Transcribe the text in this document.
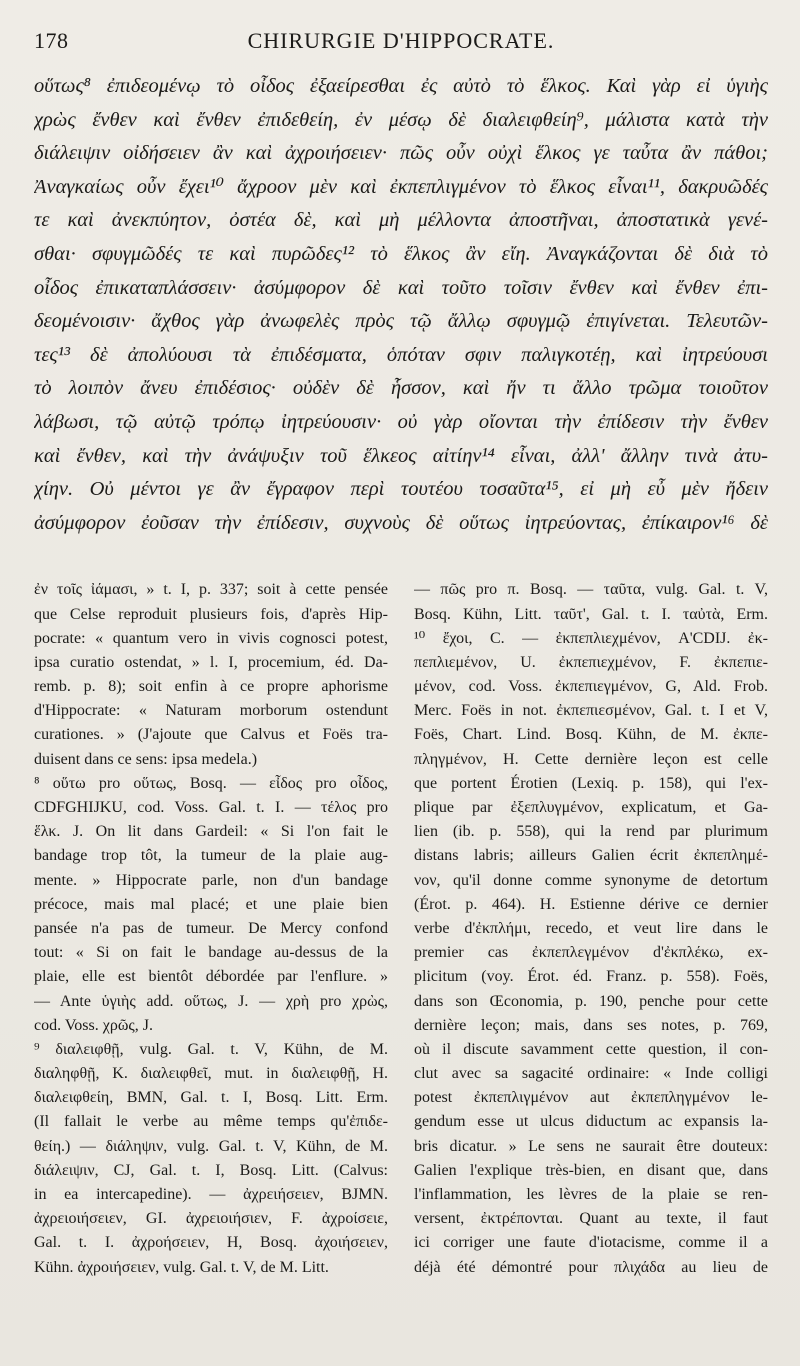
178	CHIRURGIE D'HIPPOCRATE.
οὕτως⁸ ἐπιδεομένῳ τὸ οἶδος ἐξαείρεσθαι ἐς αὐτὸ τὸ ἕλκος. Καὶ γὰρ εἰ ὑγιὴς
χρὼς ἔνθεν καὶ ἔνθεν ἐπιδεθείη, ἐν μέσῳ δὲ διαλειφθείη⁹, μάλιστα κατὰ τὴν
διάλειψιν οἰδήσειεν ἂν καὶ ἀχροιήσειεν· πῶς οὖν οὐχὶ ἕλκος γε ταὖτα ἂν πάθοι;
Ἀναγκαίως οὖν ἔχει¹⁰ ἄχροον μὲν καὶ ἐκπεπλιγμένον τὸ ἕλκος εἶναι¹¹, δακρυῶδές
τε καὶ ἀνεκπύητον, ὀστέα δὲ, καὶ μὴ μέλλοντα ἀποστῆναι, ἀποστατικὰ γενέ-
σθαι· σφυγμῶδές τε καὶ πυρῶδες¹² τὸ ἕλκος ἂν εἴη. Ἀναγκάζονται δὲ διὰ τὸ
οἶδος ἐπικαταπλάσσειν· ἀσύμφορον δὲ καὶ τοῦτο τοῖσιν ἔνθεν καὶ ἔνθεν ἐπι-
δεομένοισιν· ἄχθος γὰρ ἀνωφελὲς πρὸς τῷ ἄλλῳ σφυγμῷ ἐπιγίνεται. Τελευτῶν-
τες¹³ δὲ ἀπολύουσι τὰ ἐπιδέσματα, ὁπόταν σφιν παλιγκοτέῃ, καὶ ἰητρεύουσι
τὸ λοιπὸν ἄνευ ἐπιδέσιος· οὐδὲν δὲ ἧσσον, καὶ ἤν τι ἄλλο τρῶμα τοιοῦτον
λάβωσι, τῷ αὐτῷ τρόπῳ ἰητρεύουσιν· οὐ γὰρ οἴονται τὴν ἐπίδεσιν τὴν ἔνθεν
καὶ ἔνθεν, καὶ τὴν ἀνάψυξιν τοῦ ἕλκεος αἰτίην¹⁴ εἶναι, ἀλλ' ἄλλην τινὰ ἀτυ-
χίην. Οὐ μέντοι γε ἂν ἔγραφον περὶ τουτέου τοσαῦτα¹⁵, εἰ μὴ εὖ μὲν ἤδειν
ἀσύμφορον ἐοῦσαν τὴν ἐπίδεσιν, συχνοὺς δὲ οὕτως ἰητρεύοντας, ἐπίκαιρον¹⁶ δὲ
ἐν τοῖς ἰάμασι, » t. I, p. 337; soit à cette pensée
que Celse reproduit plusieurs fois, d'après Hip-
pocrate: « quantum vero in vivis cognosci potest,
ipsa curatio ostendat, » l. I, procemium, éd. Da-
remb. p. 8); soit enfin à ce propre aphorisme
d'Hippocrate: « Naturam morborum ostendunt
curationes. » (J'ajoute que Calvus et Foës tra-
duisent dans ce sens: ipsa medela.)
⁸ οὕτω pro οὕτως, Bosq. — εἶδος pro οἶδος,
CDFGHIJKU, cod. Voss. Gal. t. I. — τέλος pro
ἕλκ. J. On lit dans Gardeil: « Si l'on fait le
bandage trop tôt, la tumeur de la plaie aug-
mente. » Hippocrate parle, non d'un bandage
précoce, mais mal placé; et une plaie bien
pansée n'a pas de tumeur. De Mercy confond
tout: « Si on fait le bandage au-dessus de la
plaie, elle est bientôt débordée par l'enflure. »
— Ante ὑγιὴς add. οὕτως, J. — χρὴ pro χρὼς,
cod. Voss. χρῶς, J.
⁹ διαλειφθῇ, vulg. Gal. t. V, Kühn, de M.
διαληφθῇ, K. διαλειφθεῖ, mut. in διαλειφθῇ, H.
διαλειφθείη, BMN, Gal. t. I, Bosq. Litt. Erm.
(Il fallait le verbe au même temps qu'ἐπιδε-
θείη.) — διάληψιν, vulg. Gal. t. V, Kühn, de M.
διάλειψιν, CJ, Gal. t. I, Bosq. Litt. (Calvus:
in ea intercapedine). — ἀχρειήσειεν, BJMN.
ἀχρειοιήσειεν, GI. ἀχρειοιήσιεν, F. ἀχροίσειε,
Gal. t. I. ἀχροήσειεν, H, Bosq. ἀχοιήσειεν,
Kühn. ἀχροιήσειεν, vulg. Gal. t. V, de M. Litt.
— πῶς pro π. Bosq. — ταῦτα, vulg. Gal. t. V,
Bosq. Kühn, Litt. ταῦτ', Gal. t. I. ταὐτὰ, Erm.
¹⁰ ἔχοι, C. — ἐκπεπλιεχμένον, A'CDIJ. ἐκ-
πεπλιεμένον, U. ἐκπεπιεχμένον, F. ἐκπεπιε-
μένον, cod. Voss. ἐκπεπιεγμένον, G, Ald. Frob.
Merc. Foës in not. ἐκπεπιεσμένον, Gal. t. I et V,
Foës, Chart. Lind. Bosq. Kühn, de M. ἐκπε-
πληγμένον, H. Cette dernière leçon est celle
que portent Érotien (Lexiq. p. 158), qui l'ex-
plique par ἐξεπλυγμένον, explicatum, et Ga-
lien (ib. p. 558), qui la rend par plurimum
distans labris; ailleurs Galien écrit ἐκπεπλημέ-
νον, qu'il donne comme synonyme de detortum
(Érot. p. 464). H. Estienne dérive ce dernier
verbe d'ἐκπλήμι, recedo, et veut lire dans le
premier cas ἐκπεπλεγμένον d'ἐκπλέκω, ex-
plicitum (voy. Érot. éd. Franz. p. 558). Foës,
dans son Œconomia, p. 190, penche pour cette
dernière leçon; mais, dans ses notes, p. 769,
où il discute savamment cette question, il con-
clut avec sa sagacité ordinaire: « Inde colligi
potest ἐκπεπλιγμένον aut ἐκπεπληγμένον le-
gendum esse ut ulcus diductum ac expansis la-
bris dicatur. » Le sens ne saurait être douteux:
Galien l'explique très-bien, en disant que, dans
l'inflammation, les lèvres de la plaie se ren-
versent, ἐκτρέπονται. Quant au texte, il faut
ici corriger une faute d'iotacisme, comme il a
déjà été démontré pour πλιχάδα au lieu de
